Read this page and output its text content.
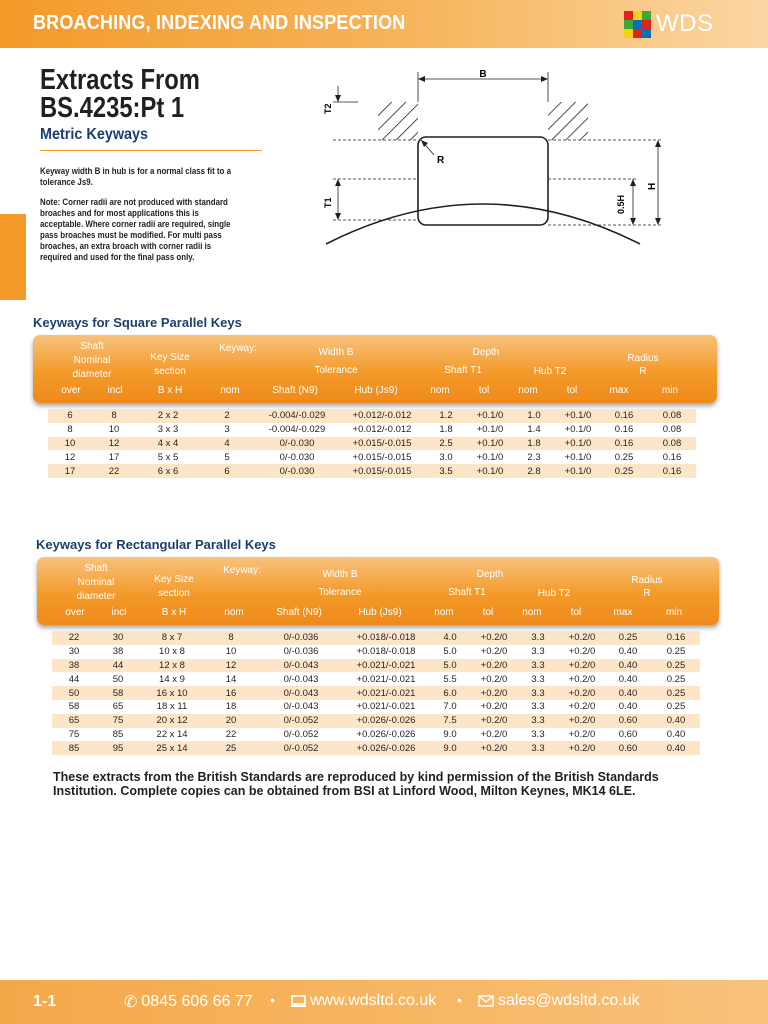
BROACHING, INDEXING AND INSPECTION	WDS
Extracts From
BS.4235:Pt 1
Metric Keyways
Keyway width B in hub is for a normal class fit to a tolerance Js9.
Note: Corner radii are not produced with standard broaches and for most applications this is acceptable. Where corner radii are required, single pass broaches must be modified. For multi pass broaches, an extra broach with corner radii is required and used for the final pass only.
B
T2
R
T1	0.5H
H
Keyways for Square Parallel Keys
Shaft
Nominal
diameter
over	incl
Key Size
section
B x H
Keyway:
nom
Width B
Tolerance
Shaft (N9)	Hub (Js9)
Depth
Shaft T1	Hub T2
nom	tol	nom	tol
Radius
R
max	min
6	8	2 x 2	2	-0.004/-0.029	+0.012/-0.012	1.2	+0.1/0	1.0	+0.1/0	0.16	0.08
8	10	3 x 3	3	-0.004/-0.029	+0.012/-0.012	1.8	+0.1/0	1.4	+0.1/0	0.16	0.08
10	12	4 x 4	4	0/-0.030	+0.015/-0.015	2.5	+0.1/0	1.8	+0.1/0	0.16	0.08
12	17	5 x 5	5	0/-0.030	+0.015/-0.015	3.0	+0.1/0	2.3	+0.1/0	0.25	0.16
17	22	6 x 6	6	0/-0.030	+0.015/-0.015	3.5	+0.1/0	2.8	+0.1/0	0.25	0.16
Keyways for Rectangular Parallel Keys
Shaft
Nominal
diameter
over	incl
Key Size
section
B x H
Keyway:
nom
Width B
Tolerance
Shaft (N9)	Hub (Js9)
Depth
Shaft T1	Hub T2
nom	tol	nom	tol
Radius
R
max	min
22	30	8 x 7	8	0/-0.036	+0.018/-0.018	4.0	+0.2/0	3.3	+0.2/0	0.25	0.16
30	38	10 x 8	10	0/-0.036	+0.018/-0.018	5.0	+0.2/0	3.3	+0.2/0	0.40	0.25
38	44	12 x 8	12	0/-0.043	+0.021/-0.021	5.0	+0.2/0	3.3	+0.2/0	0.40	0.25
44	50	14 x 9	14	0/-0.043	+0.021/-0.021	5.5	+0.2/0	3.3	+0.2/0	0.40	0.25
50	58	16 x 10	16	0/-0.043	+0.021/-0.021	6.0	+0.2/0	3.3	+0.2/0	0.40	0.25
58	65	18 x 11	18	0/-0.043	+0.021/-0.021	7.0	+0.2/0	3.3	+0.2/0	0.40	0.25
65	75	20 x 12	20	0/-0.052	+0.026/-0.026	7.5	+0.2/0	3.3	+0.2/0	0.60	0.40
75	85	22 x 14	22	0/-0.052	+0.026/-0.026	9.0	+0.2/0	3.3	+0.2/0	0.60	0.40
85	95	25 x 14	25	0/-0.052	+0.026/-0.026	9.0	+0.2/0	3.3	+0.2/0	0.60	0.40
These extracts from the British Standards are reproduced by kind permission of the British Standards Institution. Complete copies can be obtained from BSI at Linford Wood, Milton Keynes, MK14 6LE.
1-1	✆ 0845 606 66 77 • www.wdsltd.co.uk • sales@wdsltd.co.uk
